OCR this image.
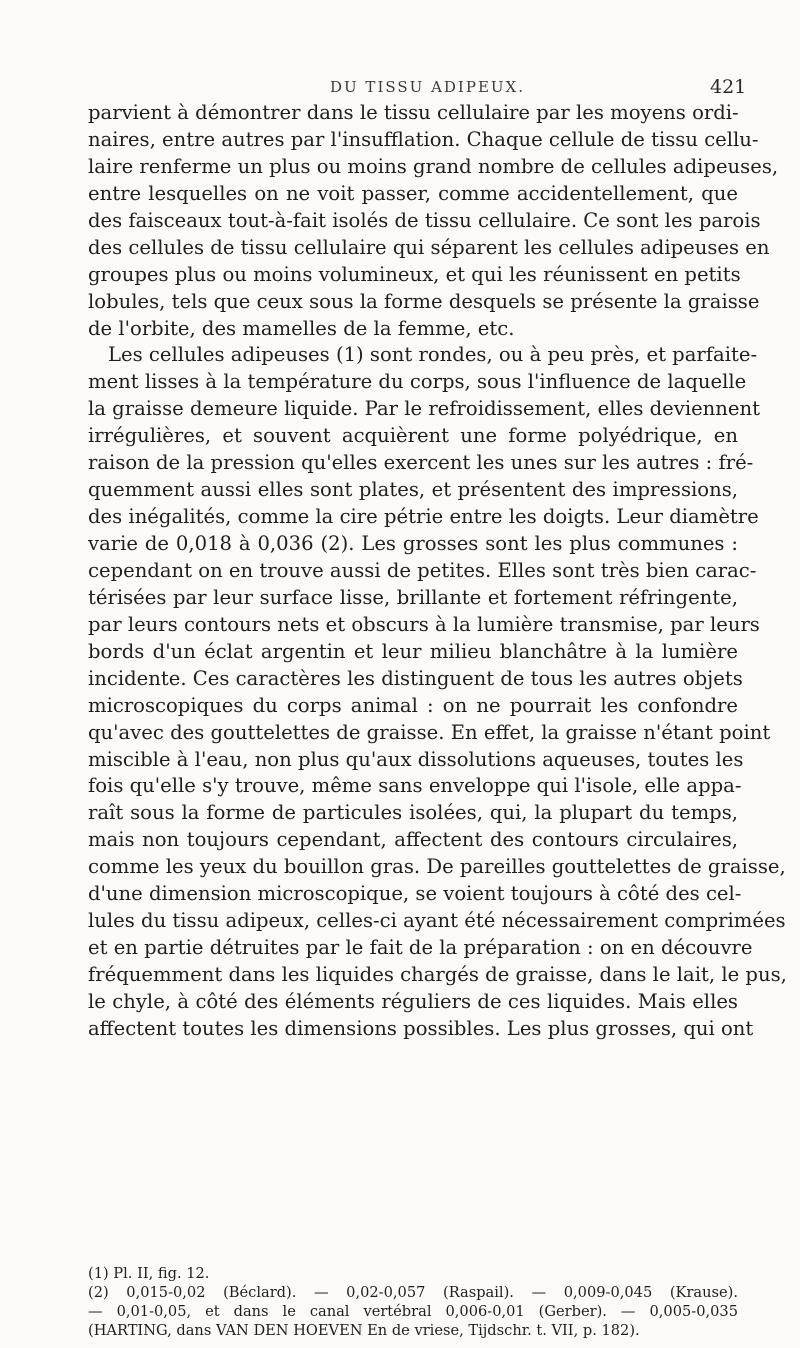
DU TISSU ADIPEUX.	421
parvient à démontrer dans le tissu cellulaire par les moyens ordi-
naires, entre autres par l'insufflation. Chaque cellule de tissu cellu-
laire renferme un plus ou moins grand nombre de cellules adipeuses,
entre lesquelles on ne voit passer, comme accidentellement, que
des faisceaux tout-à-fait isolés de tissu cellulaire. Ce sont les parois
des cellules de tissu cellulaire qui séparent les cellules adipeuses en
groupes plus ou moins volumineux, et qui les réunissent en petits
lobules, tels que ceux sous la forme desquels se présente la graisse
de l'orbite, des mamelles de la femme, etc.
Les cellules adipeuses (1) sont rondes, ou à peu près, et parfaite-
ment lisses à la température du corps, sous l'influence de laquelle
la graisse demeure liquide. Par le refroidissement, elles deviennent
irrégulières, et souvent acquièrent une forme polyédrique, en
raison de la pression qu'elles exercent les unes sur les autres : fré-
quemment aussi elles sont plates, et présentent des impressions,
des inégalités, comme la cire pétrie entre les doigts. Leur diamètre
varie de 0,018 à 0,036 (2). Les grosses sont les plus communes :
cependant on en trouve aussi de petites. Elles sont très bien carac-
térisées par leur surface lisse, brillante et fortement réfringente,
par leurs contours nets et obscurs à la lumière transmise, par leurs
bords d'un éclat argentin et leur milieu blanchâtre à la lumière
incidente. Ces caractères les distinguent de tous les autres objets
microscopiques du corps animal : on ne pourrait les confondre
qu'avec des gouttelettes de graisse. En effet, la graisse n'étant point
miscible à l'eau, non plus qu'aux dissolutions aqueuses, toutes les
fois qu'elle s'y trouve, même sans enveloppe qui l'isole, elle appa-
raît sous la forme de particules isolées, qui, la plupart du temps,
mais non toujours cependant, affectent des contours circulaires,
comme les yeux du bouillon gras. De pareilles gouttelettes de graisse,
d'une dimension microscopique, se voient toujours à côté des cel-
lules du tissu adipeux, celles-ci ayant été nécessairement comprimées
et en partie détruites par le fait de la préparation : on en découvre
fréquemment dans les liquides chargés de graisse, dans le lait, le pus,
le chyle, à côté des éléments réguliers de ces liquides. Mais elles
affectent toutes les dimensions possibles. Les plus grosses, qui ont
(1) Pl. II, fig. 12.
(2) 0,015-0,02 (Béclard). — 0,02-0,057 (Raspail). — 0,009-0,045 (Krause).
— 0,01-0,05, et dans le canal vertébral 0,006-0,01 (Gerber). — 0,005-0,035
(HARTING, dans VAN DEN HOEVEN En de vriese, Tijdschr. t. VII, p. 182).
